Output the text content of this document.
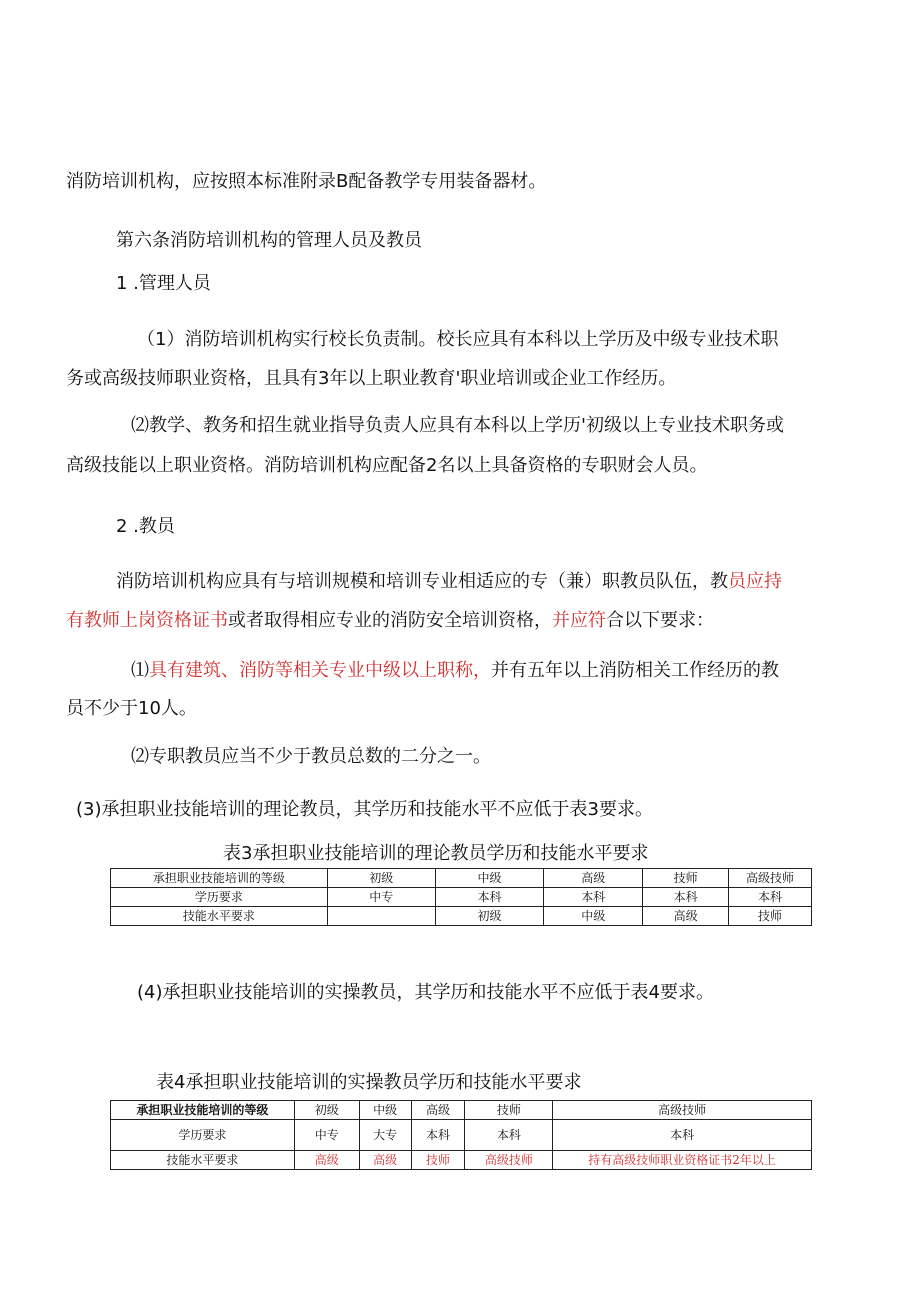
消防培训机构，应按照本标准附录B配备教学专用装备器材。

第六条消防培训机构的管理人员及教员

1 .管理人员

（1）消防培训机构实行校长负责制。校长应具有本科以上学历及中级专业技术职

务或高级技师职业资格，且具有3年以上职业教育'职业培训或企业工作经历。

⑵教学、教务和招生就业指导负责人应具有本科以上学历'初级以上专业技术职务或

高级技能以上职业资格。消防培训机构应配备2名以上具备资格的专职财会人员。

2 .教员

消防培训机构应具有与培训规模和培训专业相适应的专（兼）职教员队伍，教员应持

有教师上岗资格证书或者取得相应专业的消防安全培训资格，并应符合以下要求：

⑴具有建筑、消防等相关专业中级以上职称，并有五年以上消防相关工作经历的教

员不少于10人。

⑵专职教员应当不少于教员总数的二分之一。

(3)承担职业技能培训的理论教员，其学历和技能水平不应低于表3要求。

表3承担职业技能培训的理论教员学历和技能水平要求

承担职业技能培训的等级	初级	中级	高级	技师	高级技师
学历要求	中专	本科	本科	本科	本科
技能水平要求		初级	中级	高级	技师

(4)承担职业技能培训的实操教员，其学历和技能水平不应低于表4要求。

表4承担职业技能培训的实操教员学历和技能水平要求

承担职业技能培训的等级	初级	中级	高级	技师	高级技师
学历要求	中专	大专	本科	本科	本科
技能水平要求	高级	高级	技师	高级技师	持有高级技师职业资格证书2年以上
